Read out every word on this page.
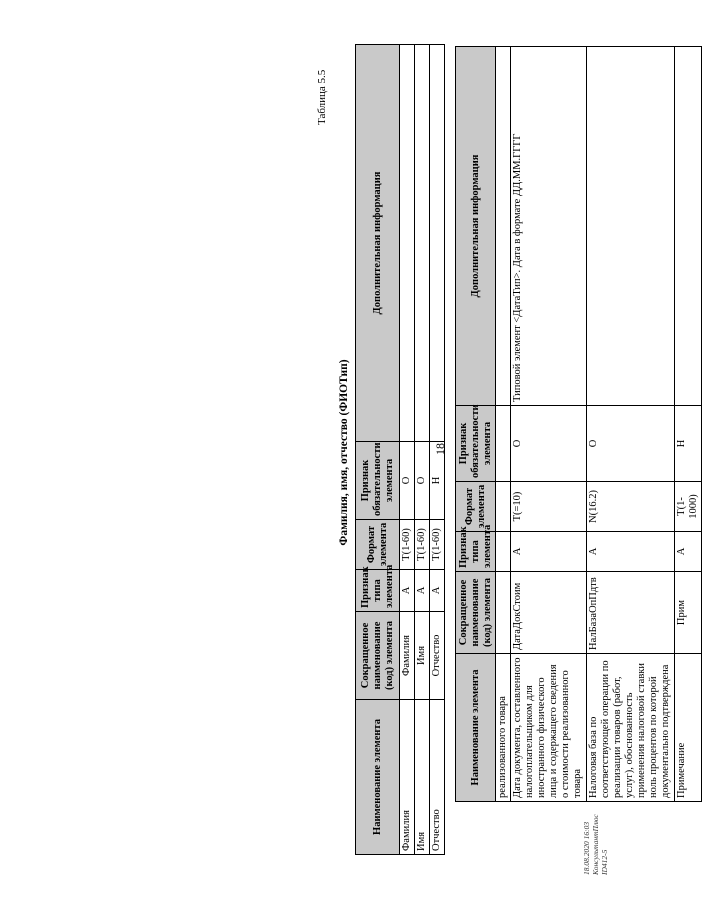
18
Наименование элемента	Сокращенное наименование (код) элемента	Признак типа элемента	Формат элемента	Признак обязательности элемента	Дополнительная информация
реализованного товара					
Дата документа, составленного налогоплательщиком для иностранного физического лица и содержащего сведения о стоимости реализованного товара	ДатаДокСтоим	А	Т(=10)	О	Типовой элемент <ДатаТип>. Дата в формате ДД.ММ.ГГГГ
Налоговая база по соответствующей операции по реализации товаров (работ, услуг), обоснованность применения налоговой ставки ноль процентов по которой документально подтверждена	НалБазаОпПдтв	А	N(16.2)	О	
Примечание	Прим	А	Т(1-1000)	Н	
Таблица 5.5
Фамилия, имя, отчество (ФИОТип)
Наименование элемента	Сокращенное наименование (код) элемента	Признак типа элемента	Формат элемента	Признак обязательности элемента	Дополнительная информация
Фамилия	Фамилия	А	Т(1-60)	О	
Имя	Имя	А	Т(1-60)	О	
Отчество	Отчество	А	Т(1-60)	Н	
18.08.2020 16:03 КонсультантПлюс ID412-5
